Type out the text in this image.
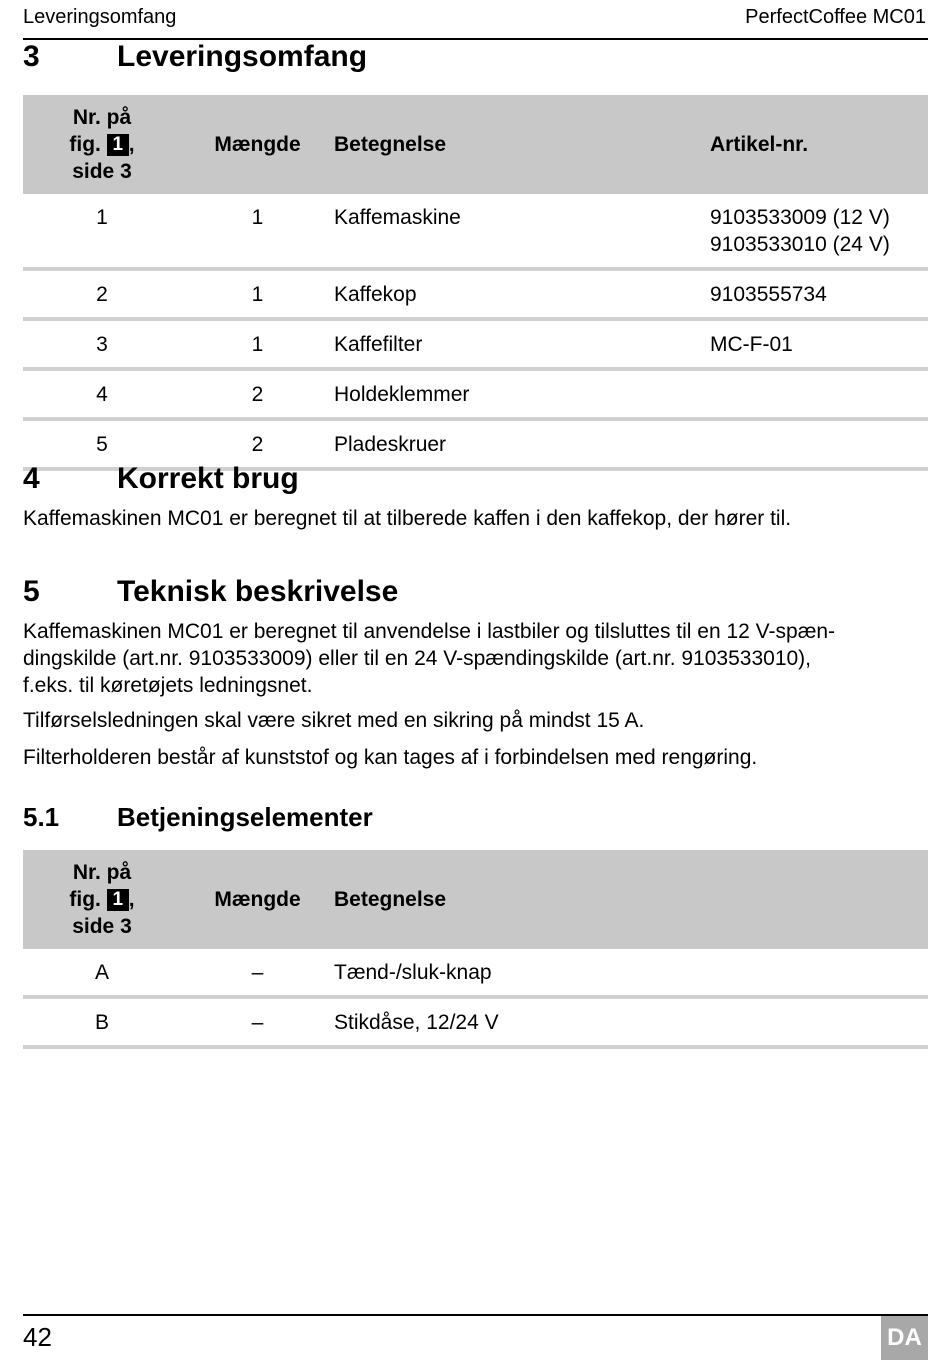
Leveringsomfang	PerfectCoffee MC01
3	Leveringsomfang
Nr. på
fig. 1 ,
side 3	Mængde	Betegnelse	Artikel-nr.
1	1	Kaffemaskine	9103533009 (12 V)
9103533010 (24 V)

2	1	Kaffekop	9103555734
3	1	Kaffefilter	MC-F-01
4	2	Holdeklemmer	
5	2	Pladeskruer	
4	Korrekt brug
Kaffemaskinen MC01 er beregnet til at tilberede kaffen i den kaffekop, der hører til.
5	Teknisk beskrivelse
Kaffemaskinen MC01 er beregnet til anvendelse i lastbiler og tilsluttes til en 12 V-spæn-
dingskilde (art.nr. 9103533009) eller til en 24 V-spændingskilde (art.nr. 9103533010),
f.eks. til køretøjets ledningsnet.
Tilførselsledningen skal være sikret med en sikring på mindst 15 A.
Filterholderen består af kunststof og kan tages af i forbindelsen med rengøring.
5.1 Betjeningselementer
Nr. på
fig. 1 ,
side 3	Mængde	Betegnelse
A	–	Tænd-/sluk-knap
B	–	Stikdåse, 12/24 V
42	DA
